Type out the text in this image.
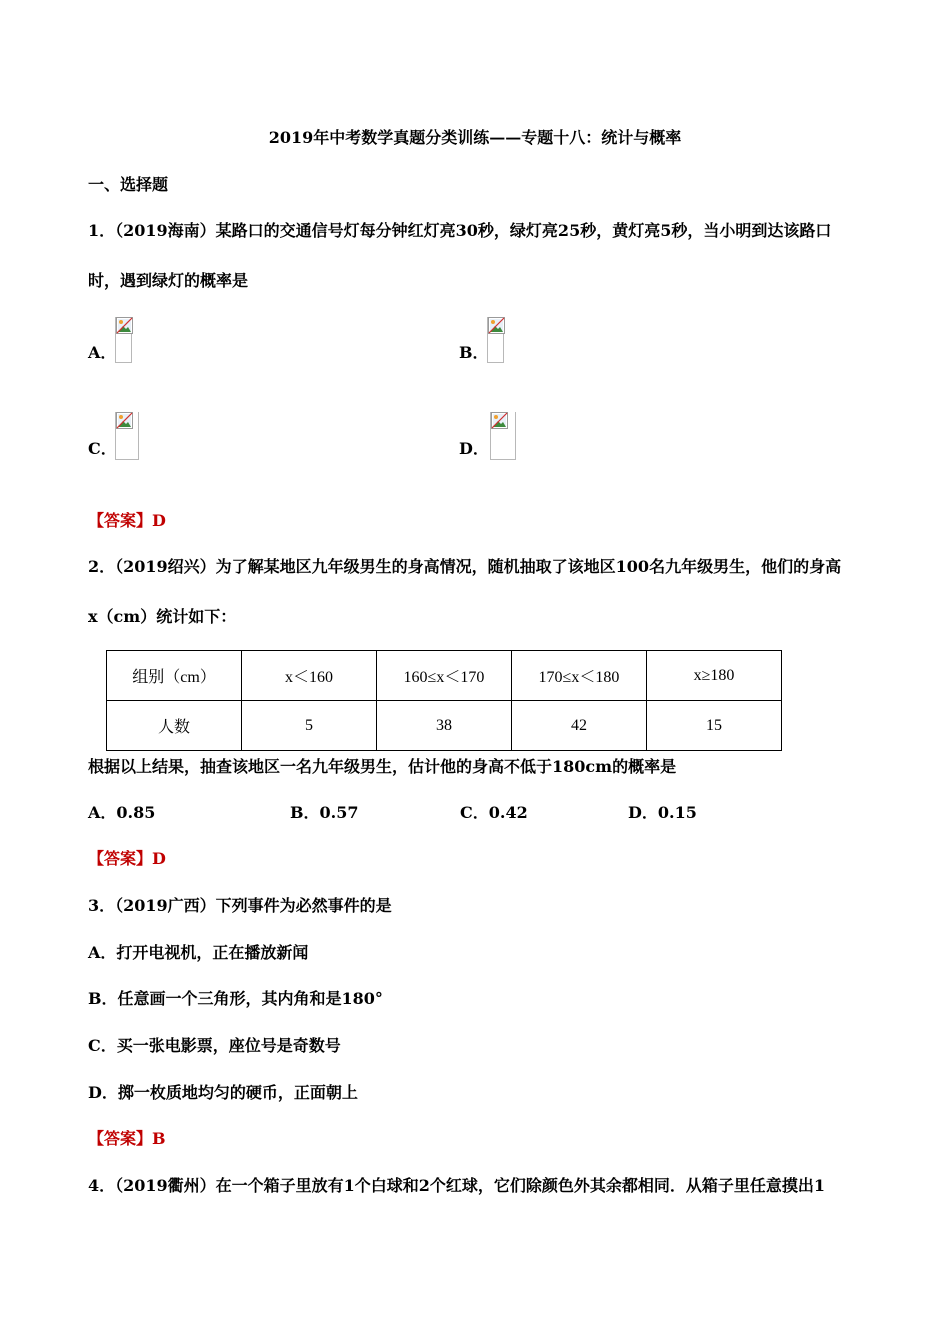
2019年中考数学真题分类训练——专题十八：统计与概率
一、选择题
1．（2019海南）某路口的交通信号灯每分钟红灯亮30秒，绿灯亮25秒，黄灯亮5秒，当小明到达该路口
时，遇到绿灯的概率是
A．	B．
C．	D．
【答案】D
2．（2019绍兴）为了解某地区九年级男生的身高情况，随机抽取了该地区100名九年级男生，他们的身高
x（cm）统计如下：
组别（cm）	x＜160	160≤x＜170	170≤x＜180	x≥180
人数	5	38	42	15
根据以上结果，抽查该地区一名九年级男生，估计他的身高不低于180cm的概率是
A．0.85	B．0.57	C．0.42	D．0.15
【答案】D
3．（2019广西）下列事件为必然事件的是
A．打开电视机，正在播放新闻
B．任意画一个三角形，其内角和是180°
C．买一张电影票，座位号是奇数号
D．掷一枚质地均匀的硬币，正面朝上
【答案】B
4．（2019衢州）在一个箱子里放有1个白球和2个红球，它们除颜色外其余都相同．从箱子里任意摸出1
